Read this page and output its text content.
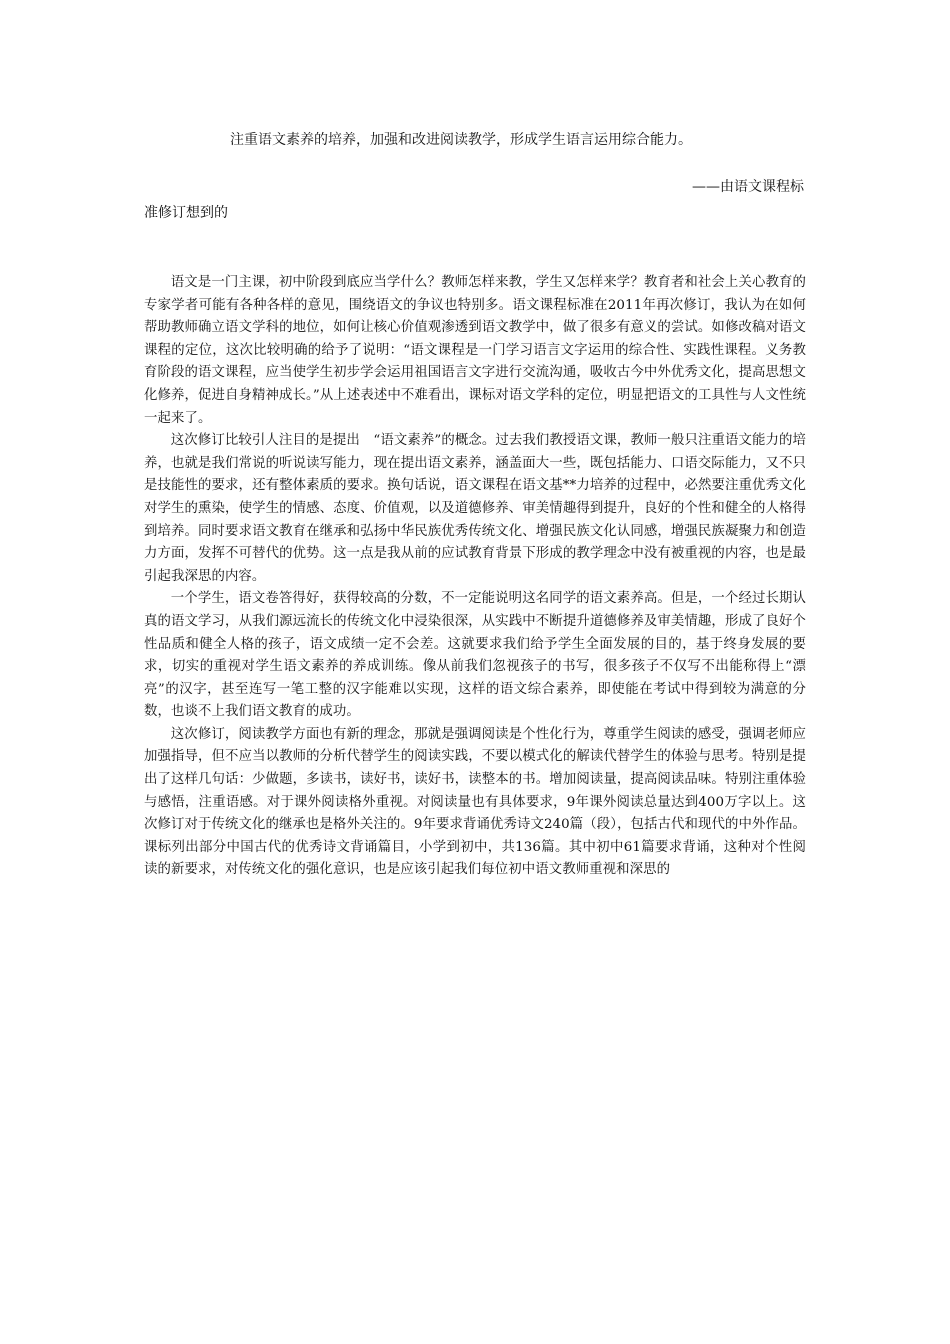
注重语文素养的培养，加强和改进阅读教学，形成学生语言运用综合能力。
——由语文课程标
准修订想到的

语文是一门主课，初中阶段到底应当学什么？教师怎样来教，学生又怎样来学？教育者和社会上关心教育的专家学者可能有各种各样的意见，围绕语文的争议也特别多。语文课程标准在2011年再次修订，我认为在如何帮助教师确立语文学科的地位，如何让核心价值观渗透到语文教学中，做了很多有意义的尝试。如修改稿对语文课程的定位，这次比较明确的给予了说明：“语文课程是一门学习语言文字运用的综合性、实践性课程。义务教育阶段的语文课程，应当使学生初步学会运用祖国语言文字进行交流沟通，吸收古今中外优秀文化，提高思想文化修养，促进自身精神成长。”从上述表述中不难看出，课标对语文学科的定位，明显把语文的工具性与人文性统一起来了。

这次修订比较引人注目的是提出　“语文素养”的概念。过去我们教授语文课，教师一般只注重语文能力的培养，也就是我们常说的听说读写能力，现在提出语文素养，涵盖面大一些，既包括能力、口语交际能力，又不只是技能性的要求，还有整体素质的要求。换句话说，语文课程在语文基**力培养的过程中，必然要注重优秀文化对学生的熏染，使学生的情感、态度、价值观，以及道德修养、审美情趣得到提升，良好的个性和健全的人格得到培养。同时要求语文教育在继承和弘扬中华民族优秀传统文化、增强民族文化认同感，增强民族凝聚力和创造力方面，发挥不可替代的优势。这一点是我从前的应试教育背景下形成的教学理念中没有被重视的内容，也是最引起我深思的内容。

一个学生，语文卷答得好，获得较高的分数，不一定能说明这名同学的语文素养高。但是，一个经过长期认真的语文学习，从我们源远流长的传统文化中浸染很深，从实践中不断提升道德修养及审美情趣，形成了良好个性品质和健全人格的孩子，语文成绩一定不会差。这就要求我们给予学生全面发展的目的，基于终身发展的要求，切实的重视对学生语文素养的养成训练。像从前我们忽视孩子的书写，很多孩子不仅写不出能称得上“漂亮”的汉字，甚至连写一笔工整的汉字能难以实现，这样的语文综合素养，即使能在考试中得到较为满意的分数，也谈不上我们语文教育的成功。

这次修订，阅读教学方面也有新的理念，那就是强调阅读是个性化行为，尊重学生阅读的感受，强调老师应加强指导，但不应当以教师的分析代替学生的阅读实践，不要以模式化的解读代替学生的体验与思考。特别是提出了这样几句话：少做题，多读书，读好书，读好书，读整本的书。增加阅读量，提高阅读品味。特别注重体验与感悟，注重语感。对于课外阅读格外重视。对阅读量也有具体要求，9年课外阅读总量达到400万字以上。这次修订对于传统文化的继承也是格外关注的。9年要求背诵优秀诗文240篇（段），包括古代和现代的中外作品。课标列出部分中国古代的优秀诗文背诵篇目，小学到初中，共136篇。其中初中61篇要求背诵，这种对个性阅读的新要求，对传统文化的强化意识，也是应该引起我们每位初中语文教师重视和深思的
